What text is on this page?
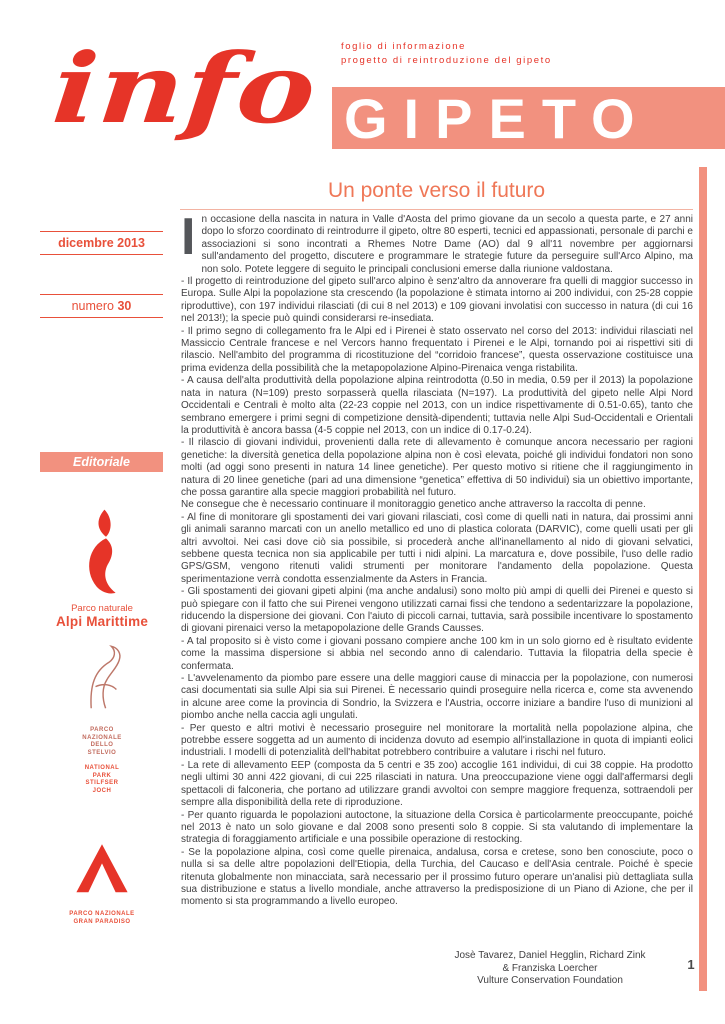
foglio di informazione
progetto di reintroduzione del gipeto
info GIPETO
Un ponte verso il futuro
dicembre 2013
numero 30
Editoriale
Parco naturale
Alpi Marittime
PARCO
NAZIONALE
DELLO
STELVIO
NATIONAL
PARK
STILFSER
JOCH
PARCO NAZIONALE
GRAN PARADISO

In occasione della nascita in natura in Valle d'Aosta del primo giovane da un secolo a questa parte, e 27 anni dopo lo sforzo coordinato di reintrodurre il gipeto, oltre 80 esperti, tecnici ed appassionati, personale di parchi e associazioni si sono incontrati a Rhemes Notre Dame (AO) dal 9 all'11 novembre per aggiornarsi sull'andamento del progetto, discutere e programmare le strategie future da perseguire sull'Arco Alpino, ma non solo. Potete leggere di seguito le principali conclusioni emerse dalla riunione valdostana.

- Il progetto di reintroduzione del gipeto sull'arco alpino è senz'altro da annoverare fra quelli di maggior successo in Europa. Sulle Alpi la popolazione sta crescendo (la popolazione è stimata intorno ai 200 individui, con 25-28 coppie riproduttive), con 197 individui rilasciati (di cui 8 nel 2013) e 109 giovani involatisi con successo in natura (di cui 16 nel 2013!); la specie può quindi considerarsi re-insediata.

- Il primo segno di collegamento fra le Alpi ed i Pirenei è stato osservato nel corso del 2013: individui rilasciati nel Massiccio Centrale francese e nel Vercors hanno frequentato i Pirenei e le Alpi, tornando poi ai rispettivi siti di rilascio. Nell'ambito del programma di ricostituzione del “corridoio francese”, questa osservazione costituisce una prima evidenza della possibilità che la metapopolazione Alpino-Pirenaica venga ristabilita.

- A causa dell'alta produttività della popolazione alpina reintrodotta (0.50 in media, 0.59 per il 2013) la popolazione nata in natura (N=109) presto sorpasserà quella rilasciata (N=197). La produttività del gipeto nelle Alpi Nord Occidentali e Centrali è molto alta (22-23 coppie nel 2013, con un indice rispettivamente di 0.51-0.65), tanto che sembrano emergere i primi segni di competizione densità-dipendenti; tuttavia nelle Alpi Sud-Occidentali e Orientali la produttività è ancora bassa (4-5 coppie nel 2013, con un indice di 0.17-0.24).

- Il rilascio di giovani individui, provenienti dalla rete di allevamento è comunque ancora necessario per ragioni genetiche: la diversità genetica della popolazione alpina non è così elevata, poiché gli individui fondatori non sono molti (ad oggi sono presenti in natura 14 linee genetiche). Per questo motivo si ritiene che il raggiungimento in natura di 20 linee genetiche (pari ad una dimensione “genetica” effettiva di 50 individui) sia un obiettivo importante, che possa garantire alla specie maggiori probabilità nel futuro.

Ne consegue che è necessario continuare il monitoraggio genetico anche attraverso la raccolta di penne.

- Al fine di monitorare gli spostamenti dei vari giovani rilasciati, così come di quelli nati in natura, dai prossimi anni gli animali saranno marcati con un anello metallico ed uno di plastica colorata (DARVIC), come quelli usati per gli altri avvoltoi. Nei casi dove ciò sia possibile, si procederà anche all'inanellamento al nido di giovani selvatici, sebbene questa tecnica non sia applicabile per tutti i nidi alpini. La marcatura e, dove possibile, l'uso delle radio GPS/GSM, vengono ritenuti validi strumenti per monitorare l'andamento della popolazione. Questa sperimentazione verrà condotta essenzialmente da Asters in Francia.

- Gli spostamenti dei giovani gipeti alpini (ma anche andalusi) sono molto più ampi di quelli dei Pirenei e questo si può spiegare con il fatto che sui Pirenei vengono utilizzati carnai fissi che tendono a sedentarizzare la popolazione, riducendo la dispersione dei giovani. Con l'aiuto di piccoli carnai, tuttavia, sarà possibile incentivare lo spostamento di giovani pirenaici verso la metapopolazione delle Grands Causses.

- A tal proposito si è visto come i giovani possano compiere anche 100 km in un solo giorno ed è risultato evidente come la massima dispersione si abbia nel secondo anno di calendario. Tuttavia la filopatria della specie è confermata.

- L'avvelenamento da piombo pare essere una delle maggiori cause di minaccia per la popolazione, con numerosi casi documentati sia sulle Alpi sia sui Pirenei. È necessario quindi proseguire nella ricerca e, come sta avvenendo in alcune aree come la provincia di Sondrio, la Svizzera e l'Austria, occorre iniziare a bandire l'uso di munizioni al piombo anche nella caccia agli ungulati.

- Per questo e altri motivi è necessario proseguire nel monitorare la mortalità nella popolazione alpina, che potrebbe essere soggetta ad un aumento di incidenza dovuto ad esempio all'installazione in quota di impianti eolici industriali. I modelli di potenzialità dell'habitat potrebbero contribuire a valutare i rischi nel futuro.

- La rete di allevamento EEP (composta da 5 centri e 35 zoo) accoglie 161 individui, di cui 38 coppie. Ha prodotto negli ultimi 30 anni 422 giovani, di cui 225 rilasciati in natura. Una preoccupazione viene oggi dall'affermarsi degli spettacoli di falconeria, che portano ad utilizzare grandi avvoltoi con sempre maggiore frequenza, sottraendoli per sempre alla disponibilità della rete di riproduzione.

- Per quanto riguarda le popolazioni autoctone, la situazione della Corsica è particolarmente preoccupante, poiché nel 2013 è nato un solo giovane e dal 2008 sono presenti solo 8 coppie. Si sta valutando di implementare la strategia di foraggiamento artificiale e una possibile operazione di restocking.

- Se la popolazione alpina, così come quelle pirenaica, andalusa, corsa e cretese, sono ben conosciute, poco o nulla si sa delle altre popolazioni dell'Etiopia, della Turchia, del Caucaso e dell'Asia centrale. Poiché è specie ritenuta globalmente non minacciata, sarà necessario per il prossimo futuro operare un'analisi più dettagliata sulla sua distribuzione e status a livello mondiale, anche attraverso la predisposizione di un Piano di Azione, che per il momento si sta programmando a livello europeo.

Josè Tavarez, Daniel Hegglin, Richard Zink
& Franziska Loercher
Vulture Conservation Foundation
1
